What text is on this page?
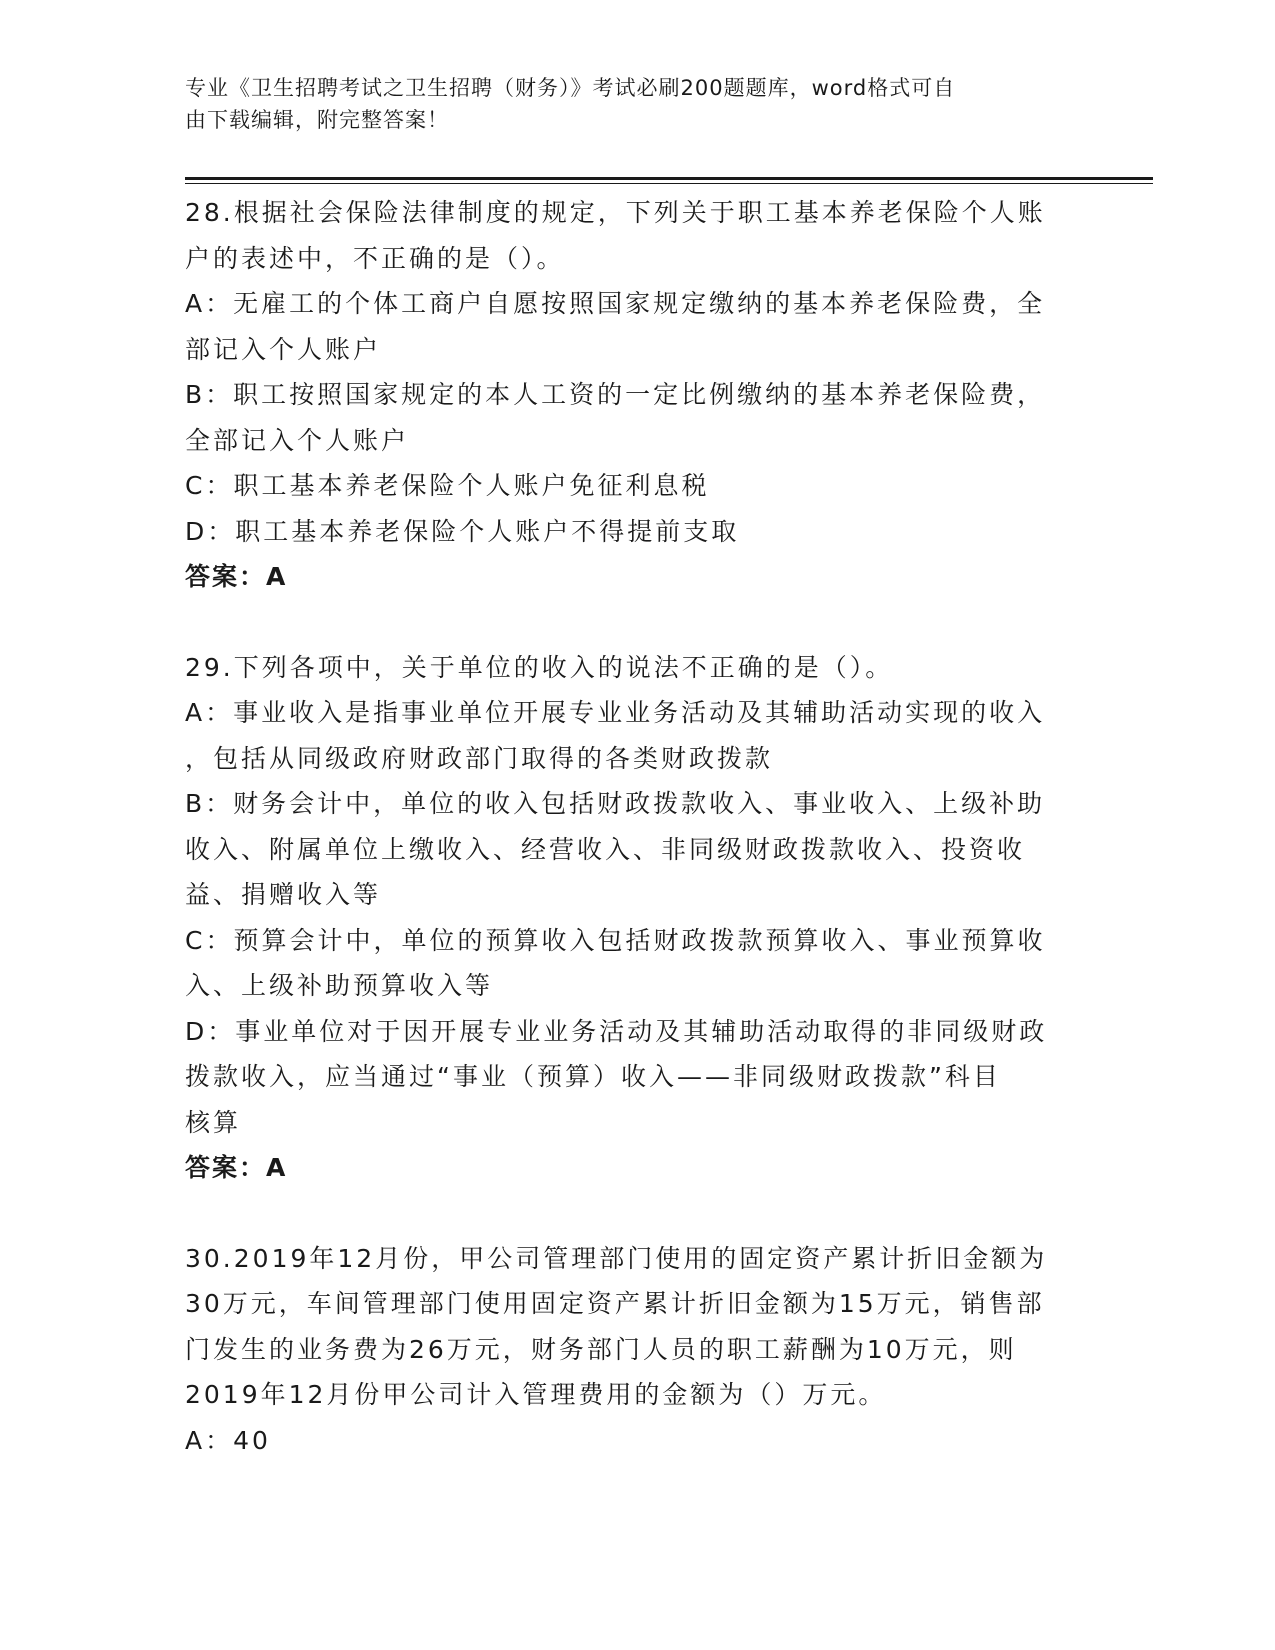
专业《卫生招聘考试之卫生招聘（财务）》考试必刷200题题库，word格式可自
由下载编辑，附完整答案！
28.根据社会保险法律制度的规定，下列关于职工基本养老保险个人账
户的表述中，不正确的是（）。
A：无雇工的个体工商户自愿按照国家规定缴纳的基本养老保险费，全
部记入个人账户
B：职工按照国家规定的本人工资的一定比例缴纳的基本养老保险费，
全部记入个人账户
C：职工基本养老保险个人账户免征利息税
D：职工基本养老保险个人账户不得提前支取
答案：A
29.下列各项中，关于单位的收入的说法不正确的是（）。
A：事业收入是指事业单位开展专业业务活动及其辅助活动实现的收入
，包括从同级政府财政部门取得的各类财政拨款
B：财务会计中，单位的收入包括财政拨款收入、事业收入、上级补助
收入、附属单位上缴收入、经营收入、非同级财政拨款收入、投资收
益、捐赠收入等
C：预算会计中，单位的预算收入包括财政拨款预算收入、事业预算收
入、上级补助预算收入等
D：事业单位对于因开展专业业务活动及其辅助活动取得的非同级财政
拨款收入，应当通过“事业（预算）收入——非同级财政拨款”科目
核算
答案：A
30.2019年12月份，甲公司管理部门使用的固定资产累计折旧金额为
30万元，车间管理部门使用固定资产累计折旧金额为15万元，销售部
门发生的业务费为26万元，财务部门人员的职工薪酬为10万元，则
2019年12月份甲公司计入管理费用的金额为（）万元。
A：40
